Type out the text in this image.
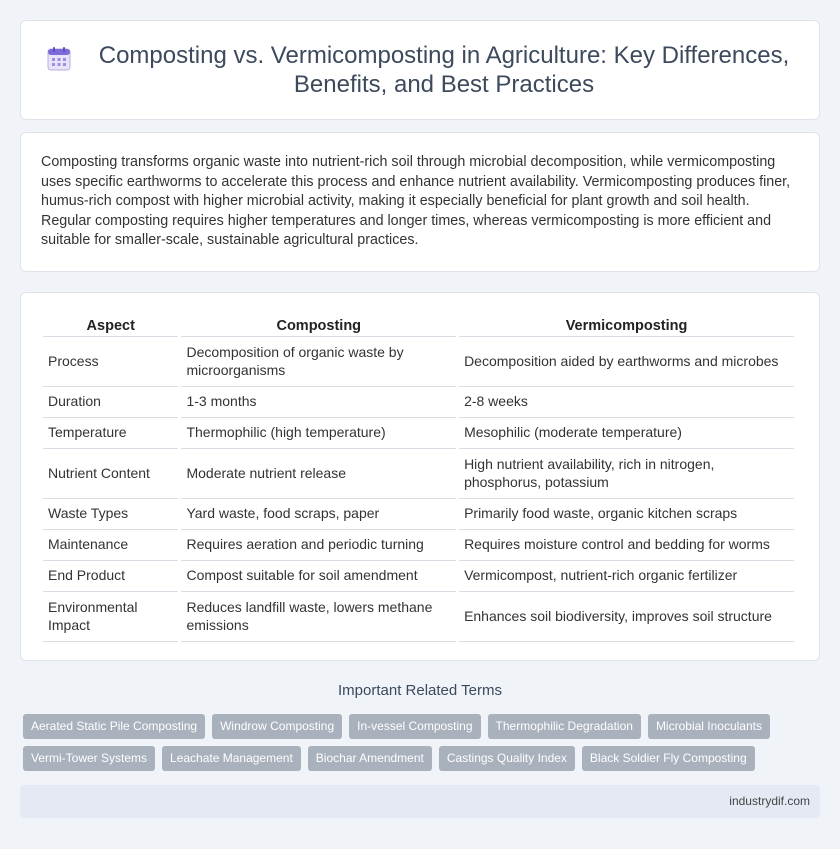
Composting vs. Vermicomposting in Agriculture: Key Differences, Benefits, and Best Practices

Composting transforms organic waste into nutrient-rich soil through microbial decomposition, while vermicomposting uses specific earthworms to accelerate this process and enhance nutrient availability. Vermicomposting produces finer, humus-rich compost with higher microbial activity, making it especially beneficial for plant growth and soil health. Regular composting requires higher temperatures and longer times, whereas vermicomposting is more efficient and suitable for smaller-scale, sustainable agricultural practices.

Aspect	Composting	Vermicomposting
Process	Decomposition of organic waste by microorganisms	Decomposition aided by earthworms and microbes
Duration	1-3 months	2-8 weeks
Temperature	Thermophilic (high temperature)	Mesophilic (moderate temperature)
Nutrient Content	Moderate nutrient release	High nutrient availability, rich in nitrogen, phosphorus, potassium
Waste Types	Yard waste, food scraps, paper	Primarily food waste, organic kitchen scraps
Maintenance	Requires aeration and periodic turning	Requires moisture control and bedding for worms
End Product	Compost suitable for soil amendment	Vermicompost, nutrient-rich organic fertilizer
Environmental Impact	Reduces landfill waste, lowers methane emissions	Enhances soil biodiversity, improves soil structure
Important Related Terms
Aerated Static Pile Composting	Windrow Composting	In-vessel Composting	Thermophilic Degradation	Microbial Inoculants
Vermi-Tower Systems	Leachate Management	Biochar Amendment	Castings Quality Index	Black Soldier Fly Composting
industrydif.com
